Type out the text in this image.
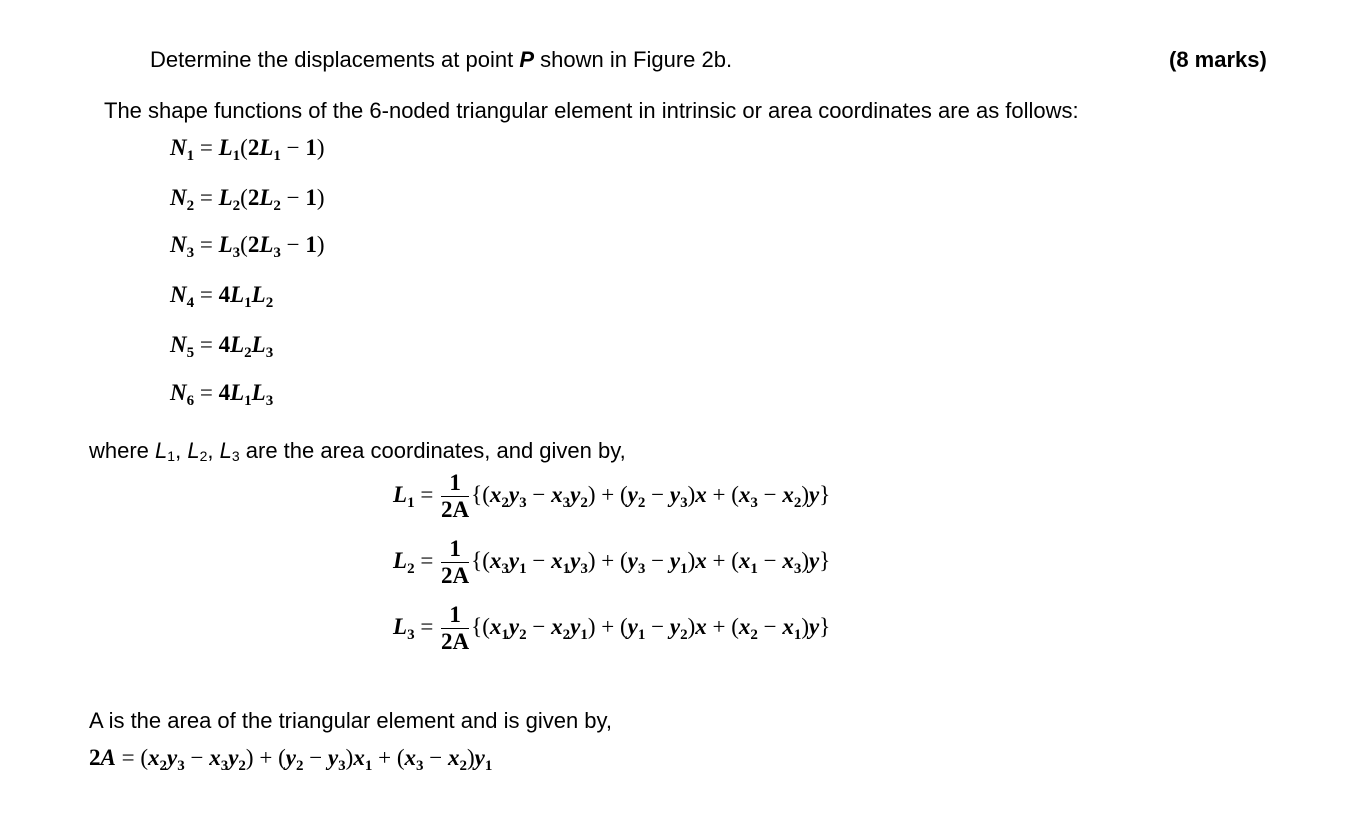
Determine the displacements at point P shown in Figure 2b.	(8 marks)
The shape functions of the 6-noded triangular element in intrinsic or area coordinates are as follows:
$N_1 = L_1(2L_1 - 1)$
$N_2 = L_2(2L_2 - 1)$
$N_3 = L_3(2L_3 - 1)$
$N_4 = 4L_1L_2$
$N_5 = 4L_2L_3$
$N_6 = 4L_1L_3$
where L1, L2, L3 are the area coordinates, and given by,
$L_1 = \frac{1}{2A} \{(x_2y_3 - x_3y_2) + (y_2 - y_3)x + (x_3 - x_2)y\}$
$L_2 = \frac{1}{2A} \{(x_3y_1 - x_1y_3) + (y_3 - y_1)x + (x_1 - x_3)y\}$
$L_3 = \frac{1}{2A} \{(x_1y_2 - x_2y_1) + (y_1 - y_2)x + (x_2 - x_1)y\}$
A is the area of the triangular element and is given by,
$2A = (x_2y_3 - x_3y_2) + (y_2 - y_3)x_1 + (x_3 - x_2)y_1$
